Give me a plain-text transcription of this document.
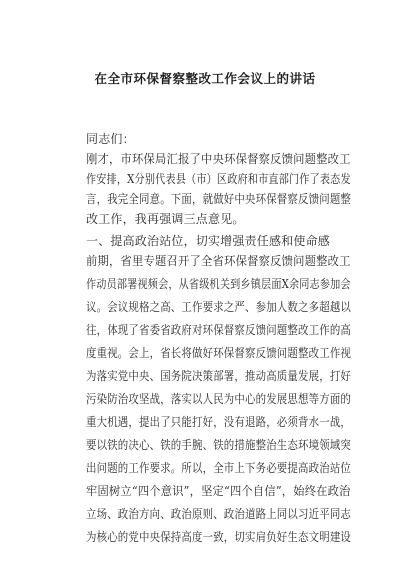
在全市环保督察整改工作会议上的讲话
同志们：
刚才，市环保局汇报了中央环保督察反馈问题整改工
作安排，X分别代表县（市）区政府和市直部门作了表态发
言，我完全同意。下面，就做好中央环保督察反馈问题整
改工作，我再强调三点意见。
一、提高政治站位，切实增强责任感和使命感
前期，省里专题召开了全省环保督察反馈问题整改工
作动员部署视频会，从省级机关到乡镇层面X余同志参加会
议。会议规格之高、工作要求之严、参加人数之多超越以
往，体现了省委省政府对环保督察反馈问题整改工作的高
度重视。会上，省长将做好环保督察反馈问题整改工作视
为落实党中央、国务院决策部署，推动高质量发展，打好
污染防治攻坚战，落实以人民为中心的发展思想等方面的
重大机遇，提出了只能打好，没有退路，必须背水一战，
要以铁的决心、铁的手腕、铁的措施整治生态环境领域突
出问题的工作要求。所以，全市上下务必要提高政治站位
牢固树立“四个意识”，坚定“四个自信”，始终在政治
立场、政治方向、政治原则、政治道路上同以习近平同志
为核心的党中央保持高度一致，切实肩负好生态文明建设
